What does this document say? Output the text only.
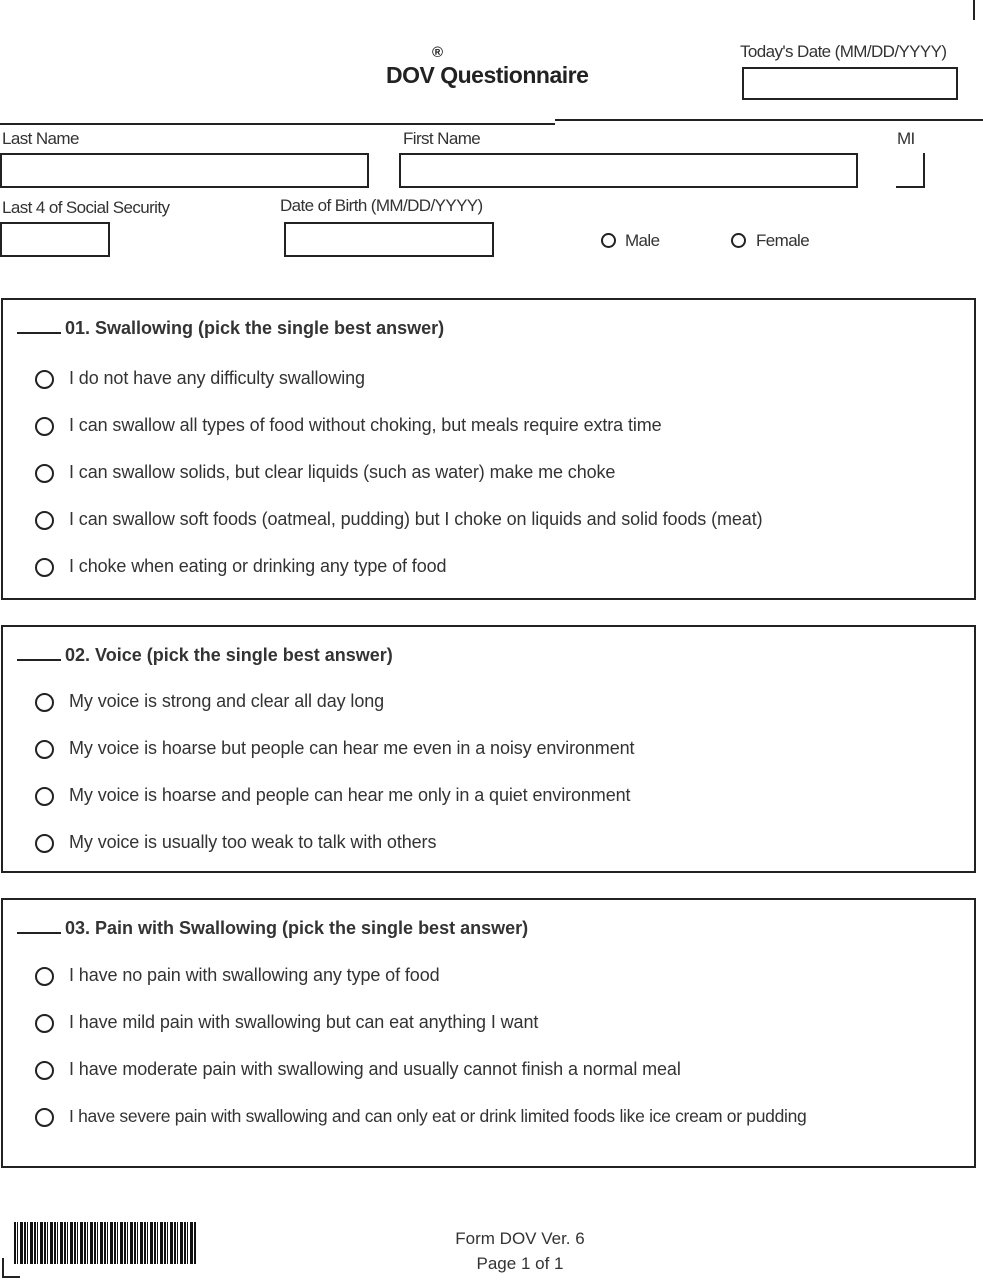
®
DOV Questionnaire
Today's Date (MM/DD/YYYY)
Last Name	First Name	MI
Last 4 of Social Security	Date of Birth (MM/DD/YYYY)
Male	Female
01. Swallowing (pick the single best answer)
I do not have any difficulty swallowing
I can swallow all types of food without choking, but meals require extra time
I can swallow solids, but clear liquids (such as water) make me choke
I can swallow soft foods (oatmeal, pudding) but I choke on liquids and solid foods (meat)
I choke when eating or drinking any type of food
02. Voice (pick the single best answer)
My voice is strong and clear all day long
My voice is hoarse but people can hear me even in a noisy environment
My voice is hoarse and people can hear me only in a quiet environment
My voice is usually too weak to talk with others
03. Pain with Swallowing (pick the single best answer)
I have no pain with swallowing any type of food
I have mild pain with swallowing but can eat anything I want
I have moderate pain with swallowing and usually cannot finish a normal meal
I have severe pain with swallowing and can only eat or drink limited foods like ice cream or pudding
Form DOV Ver. 6
Page 1 of 1
